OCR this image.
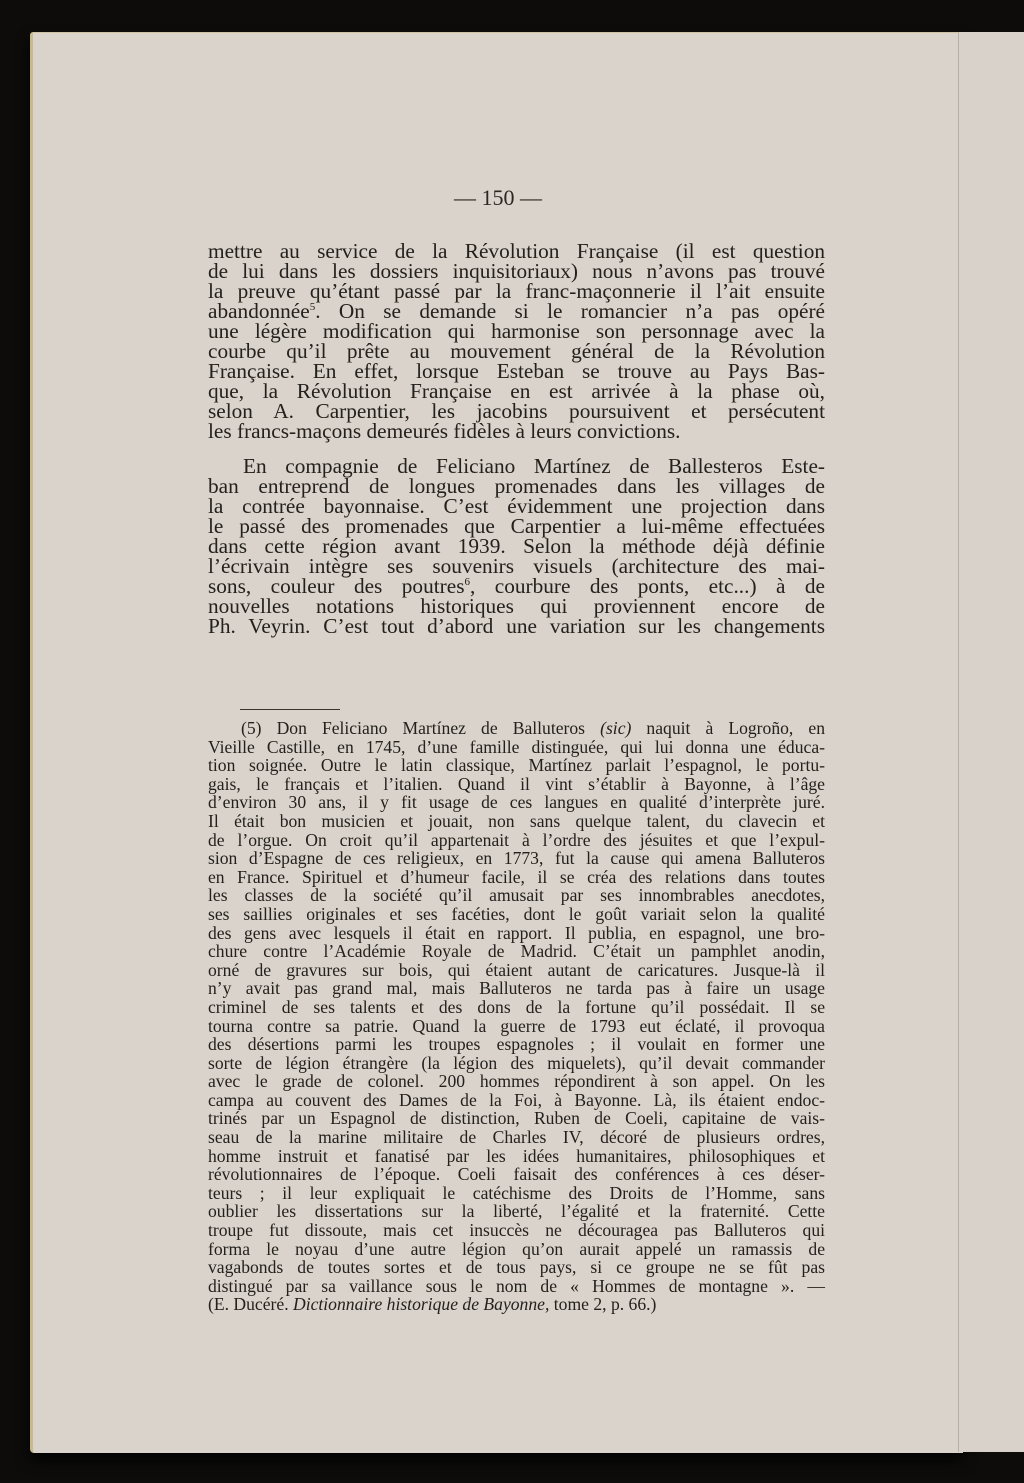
— 150 —
mettre au service de la Révolution Française (il est question
de lui dans les dossiers inquisitoriaux) nous n’avons pas trouvé
la preuve qu’étant passé par la franc-maçonnerie il l’ait ensuite
abandonnée$^5$. On se demande si le romancier n’a pas opéré
une légère modification qui harmonise son personnage avec la
courbe qu’il prête au mouvement général de la Révolution
Française. En effet, lorsque Esteban se trouve au Pays Bas-
que, la Révolution Française en est arrivée à la phase où,
selon A. Carpentier, les jacobins poursuivent et persécutent
les francs-maçons demeurés fidèles à leurs convictions.
En compagnie de Feliciano Martínez de Ballesteros Este-
ban entreprend de longues promenades dans les villages de
la contrée bayonnaise. C’est évidemment une projection dans
le passé des promenades que Carpentier a lui-même effectuées
dans cette région avant 1939. Selon la méthode déjà définie
l’écrivain intègre ses souvenirs visuels (architecture des mai-
sons, couleur des poutres$^6$, courbure des ponts, etc...) à de
nouvelles notations historiques qui proviennent encore de
Ph. Veyrin. C’est tout d’abord une variation sur les changements
(5) Don Feliciano Martínez de Balluteros (sic) naquit à Logroño, en
Vieille Castille, en 1745, d’une famille distinguée, qui lui donna une éduca-
tion soignée. Outre le latin classique, Martínez parlait l’espagnol, le portu-
gais, le français et l’italien. Quand il vint s’établir à Bayonne, à l’âge
d’environ 30 ans, il y fit usage de ces langues en qualité d’interprète juré.
Il était bon musicien et jouait, non sans quelque talent, du clavecin et
de l’orgue. On croit qu’il appartenait à l’ordre des jésuites et que l’expul-
sion d’Espagne de ces religieux, en 1773, fut la cause qui amena Balluteros
en France. Spirituel et d’humeur facile, il se créa des relations dans toutes
les classes de la société qu’il amusait par ses innombrables anecdotes,
ses saillies originales et ses facéties, dont le goût variait selon la qualité
des gens avec lesquels il était en rapport. Il publia, en espagnol, une bro-
chure contre l’Académie Royale de Madrid. C’était un pamphlet anodin,
orné de gravures sur bois, qui étaient autant de caricatures. Jusque-là il
n’y avait pas grand mal, mais Balluteros ne tarda pas à faire un usage
criminel de ses talents et des dons de la fortune qu’il possédait. Il se
tourna contre sa patrie. Quand la guerre de 1793 eut éclaté, il provoqua
des désertions parmi les troupes espagnoles ; il voulait en former une
sorte de légion étrangère (la légion des miquelets), qu’il devait commander
avec le grade de colonel. 200 hommes répondirent à son appel. On les
campa au couvent des Dames de la Foi, à Bayonne. Là, ils étaient endoc-
trinés par un Espagnol de distinction, Ruben de Coeli, capitaine de vais-
seau de la marine militaire de Charles IV, décoré de plusieurs ordres,
homme instruit et fanatisé par les idées humanitaires, philosophiques et
révolutionnaires de l’époque. Coeli faisait des conférences à ces déser-
teurs ; il leur expliquait le catéchisme des Droits de l’Homme, sans
oublier les dissertations sur la liberté, l’égalité et la fraternité. Cette
troupe fut dissoute, mais cet insuccès ne découragea pas Balluteros qui
forma le noyau d’une autre légion qu’on aurait appelé un ramassis de
vagabonds de toutes sortes et de tous pays, si ce groupe ne se fût pas
distingué par sa vaillance sous le nom de « Hommes de montagne ». —
(E. Ducéré. Dictionnaire historique de Bayonne, tome 2, p. 66.)
